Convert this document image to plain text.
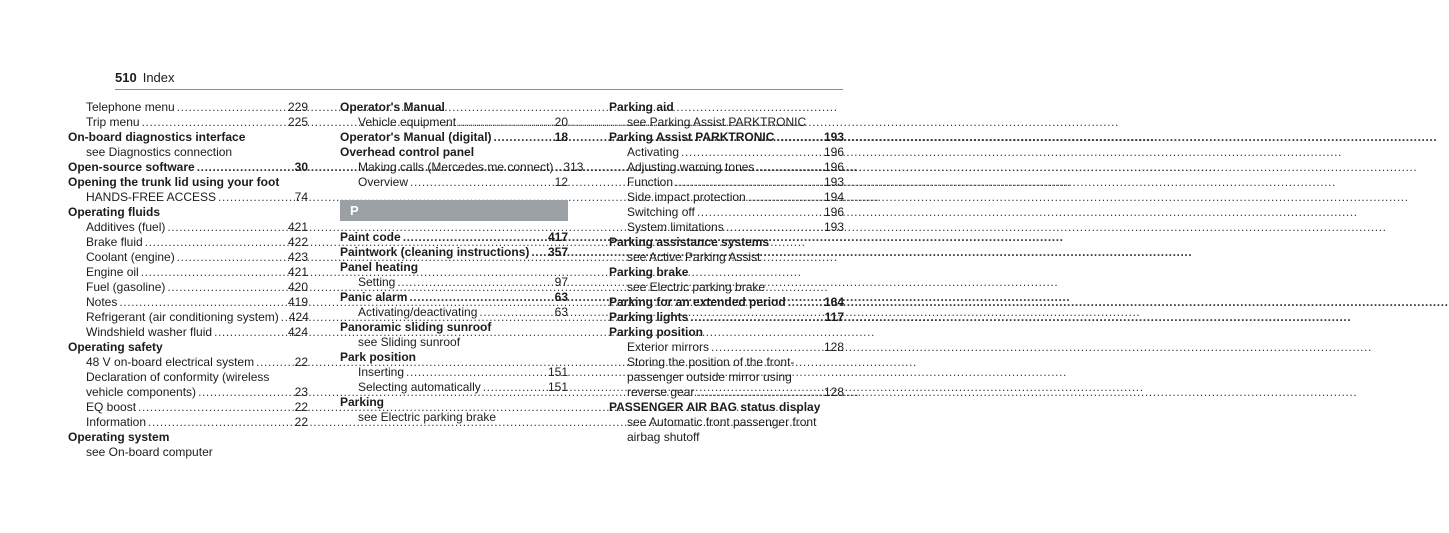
510 Index
Telephone menu .....	229
Trip menu .....	225
On-board diagnostics interface
see Diagnostics connection
Open-source software .....	30
Opening the trunk lid using your foot
HANDS-FREE ACCESS .....	74
Operating fluids
Additives (fuel) .....	421
Brake fluid .....	422
Coolant (engine) .....	423
Engine oil .....	421
Fuel (gasoline) .....	420
Notes .....	419
Refrigerant (air conditioning system) ..... 424
Windshield washer fluid .....	424
Operating safety
48 V on-board electrical system .....	22
Declaration of conformity (wireless
vehicle components) .....	23
EQ boost .....	22
Information .....	22
Operating system
see On-board computer
Operator's Manual
Vehicle equipment .....	20
Operator's Manual (digital) .....	18
Overhead control panel
Making calls (Mercedes me connect) ..... 313
Overview .....	12
P
Paint code .....	417
Paintwork (cleaning instructions) ..... 357
Panel heating
Setting .....	97
Panic alarm .....	63
Activating/deactivating .....	63
Panoramic sliding sunroof
see Sliding sunroof
Park position
Inserting .....	151
Selecting automatically .....	151
Parking
see Electric parking brake
Parking aid
see Parking Assist PARKTRONIC
Parking Assist PARKTRONIC .....	193
Activating .....	196
Adjusting warning tones .....	196
Function .....	193
Side impact protection .....	194
Switching off .....	196
System limitations .....	193
Parking assistance systems
see Active Parking Assist
Parking brake
see Electric parking brake
Parking for an extended period .....	164
Parking lights .....	117
Parking position
Exterior mirrors .....	128
Storing the position of the front-
passenger outside mirror using
reverse gear .....	128
PASSENGER AIR BAG status display
see Automatic front passenger front
airbag shutoff
